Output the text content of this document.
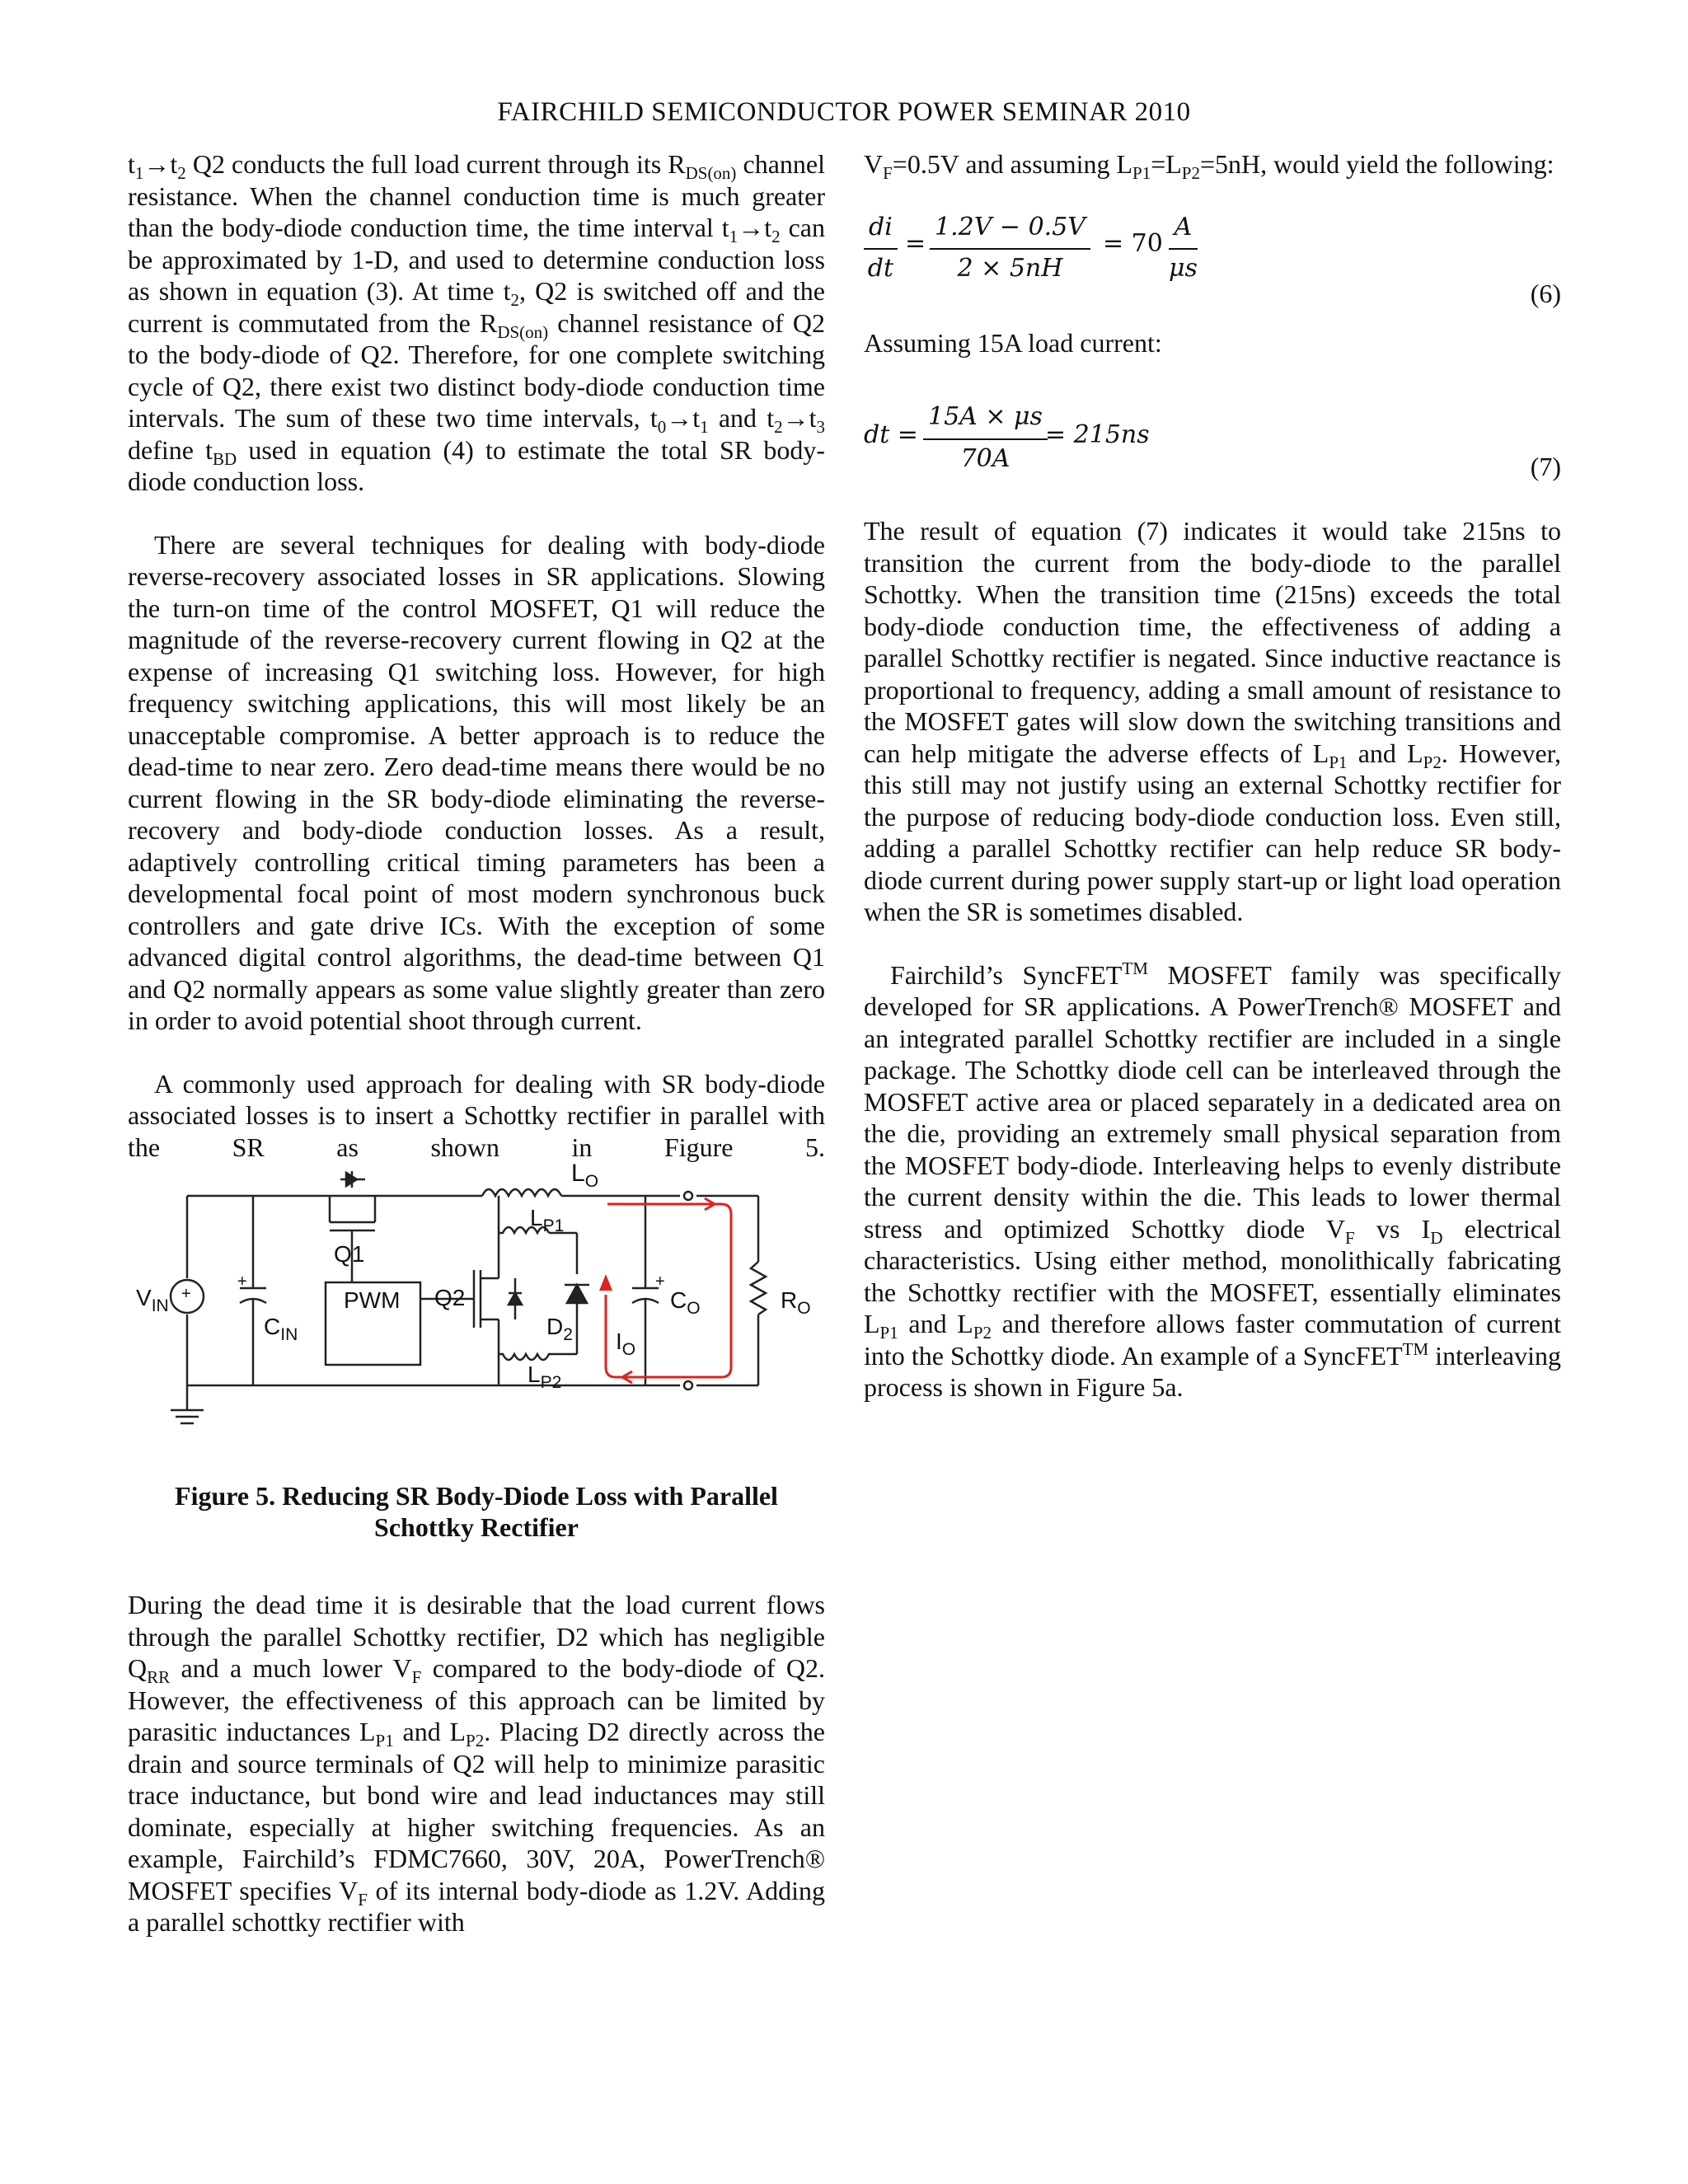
FAIRCHILD SEMICONDUCTOR POWER SEMINAR 2010

$t_1\to t_2$ Q2 conducts the full load current through its $R_{DS(on)}$ channel resistance. When the channel conduction time is much greater than the body-diode conduction time, the time interval $t_1\to t_2$ can be approximated by 1-D, and used to determine conduction loss as shown in equation (3). At time $t_2$, Q2 is switched off and the current is commutated from the $R_{DS(on)}$ channel resistance of Q2 to the body-diode of Q2. Therefore, for one complete switching cycle of Q2, there exist two distinct body-diode conduction time intervals. The sum of these two time intervals, $t_0\to t_1$ and $t_2\to t_3$ define $t_{BD}$ used in equation (4) to estimate the total SR body-diode conduction loss.

There are several techniques for dealing with body-diode reverse-recovery associated losses in SR applications. Slowing the turn-on time of the control MOSFET, Q1 will reduce the magnitude of the reverse-recovery current flowing in Q2 at the expense of increasing Q1 switching loss. However, for high frequency switching applications, this will most likely be an unacceptable compromise. A better approach is to reduce the dead-time to near zero. Zero dead-time means there would be no current flowing in the SR body-diode eliminating the reverse-recovery and body-diode conduction losses. As a result, adaptively controlling critical timing parameters has been a developmental focal point of most modern synchronous buck controllers and gate drive ICs. With the exception of some advanced digital control algorithms, the dead-time between Q1 and Q2 normally appears as some value slightly greater than zero in order to avoid potential shoot through current.

A commonly used approach for dealing with SR body-diode associated losses is to insert a Schottky rectifier in parallel with the SR as shown in Figure 5.

$L_O$
$L_{P1}$
Q1
$V_{IN}$
+
+
PWM Q2
$C_{IN}$	$D_2$ $I_O$
+
$C_O$	$R_O$
$L_{P2}$
Figure 5. Reducing SR Body-Diode Loss with Parallel
Schottky Rectifier

During the dead time it is desirable that the load current flows through the parallel Schottky rectifier, D2 which has negligible $Q_{RR}$ and a much lower $V_F$ compared to the body-diode of Q2. However, the effectiveness of this approach can be limited by parasitic inductances $L_{P1}$ and $L_{P2}$. Placing D2 directly across the drain and source terminals of Q2 will help to minimize parasitic trace inductance, but bond wire and lead inductances may still dominate, especially at higher switching frequencies. As an example, Fairchild’s FDMC7660, 30V, 20A, PowerTrench® MOSFET specifies $V_F$ of its internal body-diode as 1.2V. Adding a parallel schottky rectifier with

$V_F=0.5V$ and assuming $L_{P1}=L_{P2}=5nH$, would yield the following:

$\frac{di}{dt} = \frac{1.2V - 0.5V}{2 \times 5nH} = 70 \frac{A}{\mu s}$
(6)

Assuming 15A load current:

dt = $\frac{15A \times \mu s}{70A}$
= 215ns
(7)

The result of equation (7) indicates it would take 215ns to transition the current from the body-diode to the parallel Schottky. When the transition time (215ns) exceeds the total body-diode conduction time, the effectiveness of adding a parallel Schottky rectifier is negated. Since inductive reactance is proportional to frequency, adding a small amount of resistance to the MOSFET gates will slow down the switching transitions and can help mitigate the adverse effects of $L_{P1}$ and $L_{P2}$. However, this still may not justify using an external Schottky rectifier for the purpose of reducing body-diode conduction loss. Even still, adding a parallel Schottky rectifier can help reduce SR body-diode current during power supply start-up or light load operation when the SR is sometimes disabled.

Fairchild’s SyncFET™ MOSFET family was specifically developed for SR applications. A PowerTrench® MOSFET and an integrated parallel Schottky rectifier are included in a single package. The Schottky diode cell can be interleaved through the MOSFET active area or placed separately in a dedicated area on the die, providing an extremely small physical separation from the MOSFET body-diode. Interleaving helps to evenly distribute the current density within the die. This leads to lower thermal stress and optimized Schottky diode $V_F$ vs $I_D$ electrical characteristics. Using either method, monolithically fabricating the Schottky rectifier with the MOSFET, essentially eliminates $L_{P1}$ and $L_{P2}$ and therefore allows faster commutation of current into the Schottky diode. An example of a SyncFET™ interleaving process is shown in Figure 5a.
